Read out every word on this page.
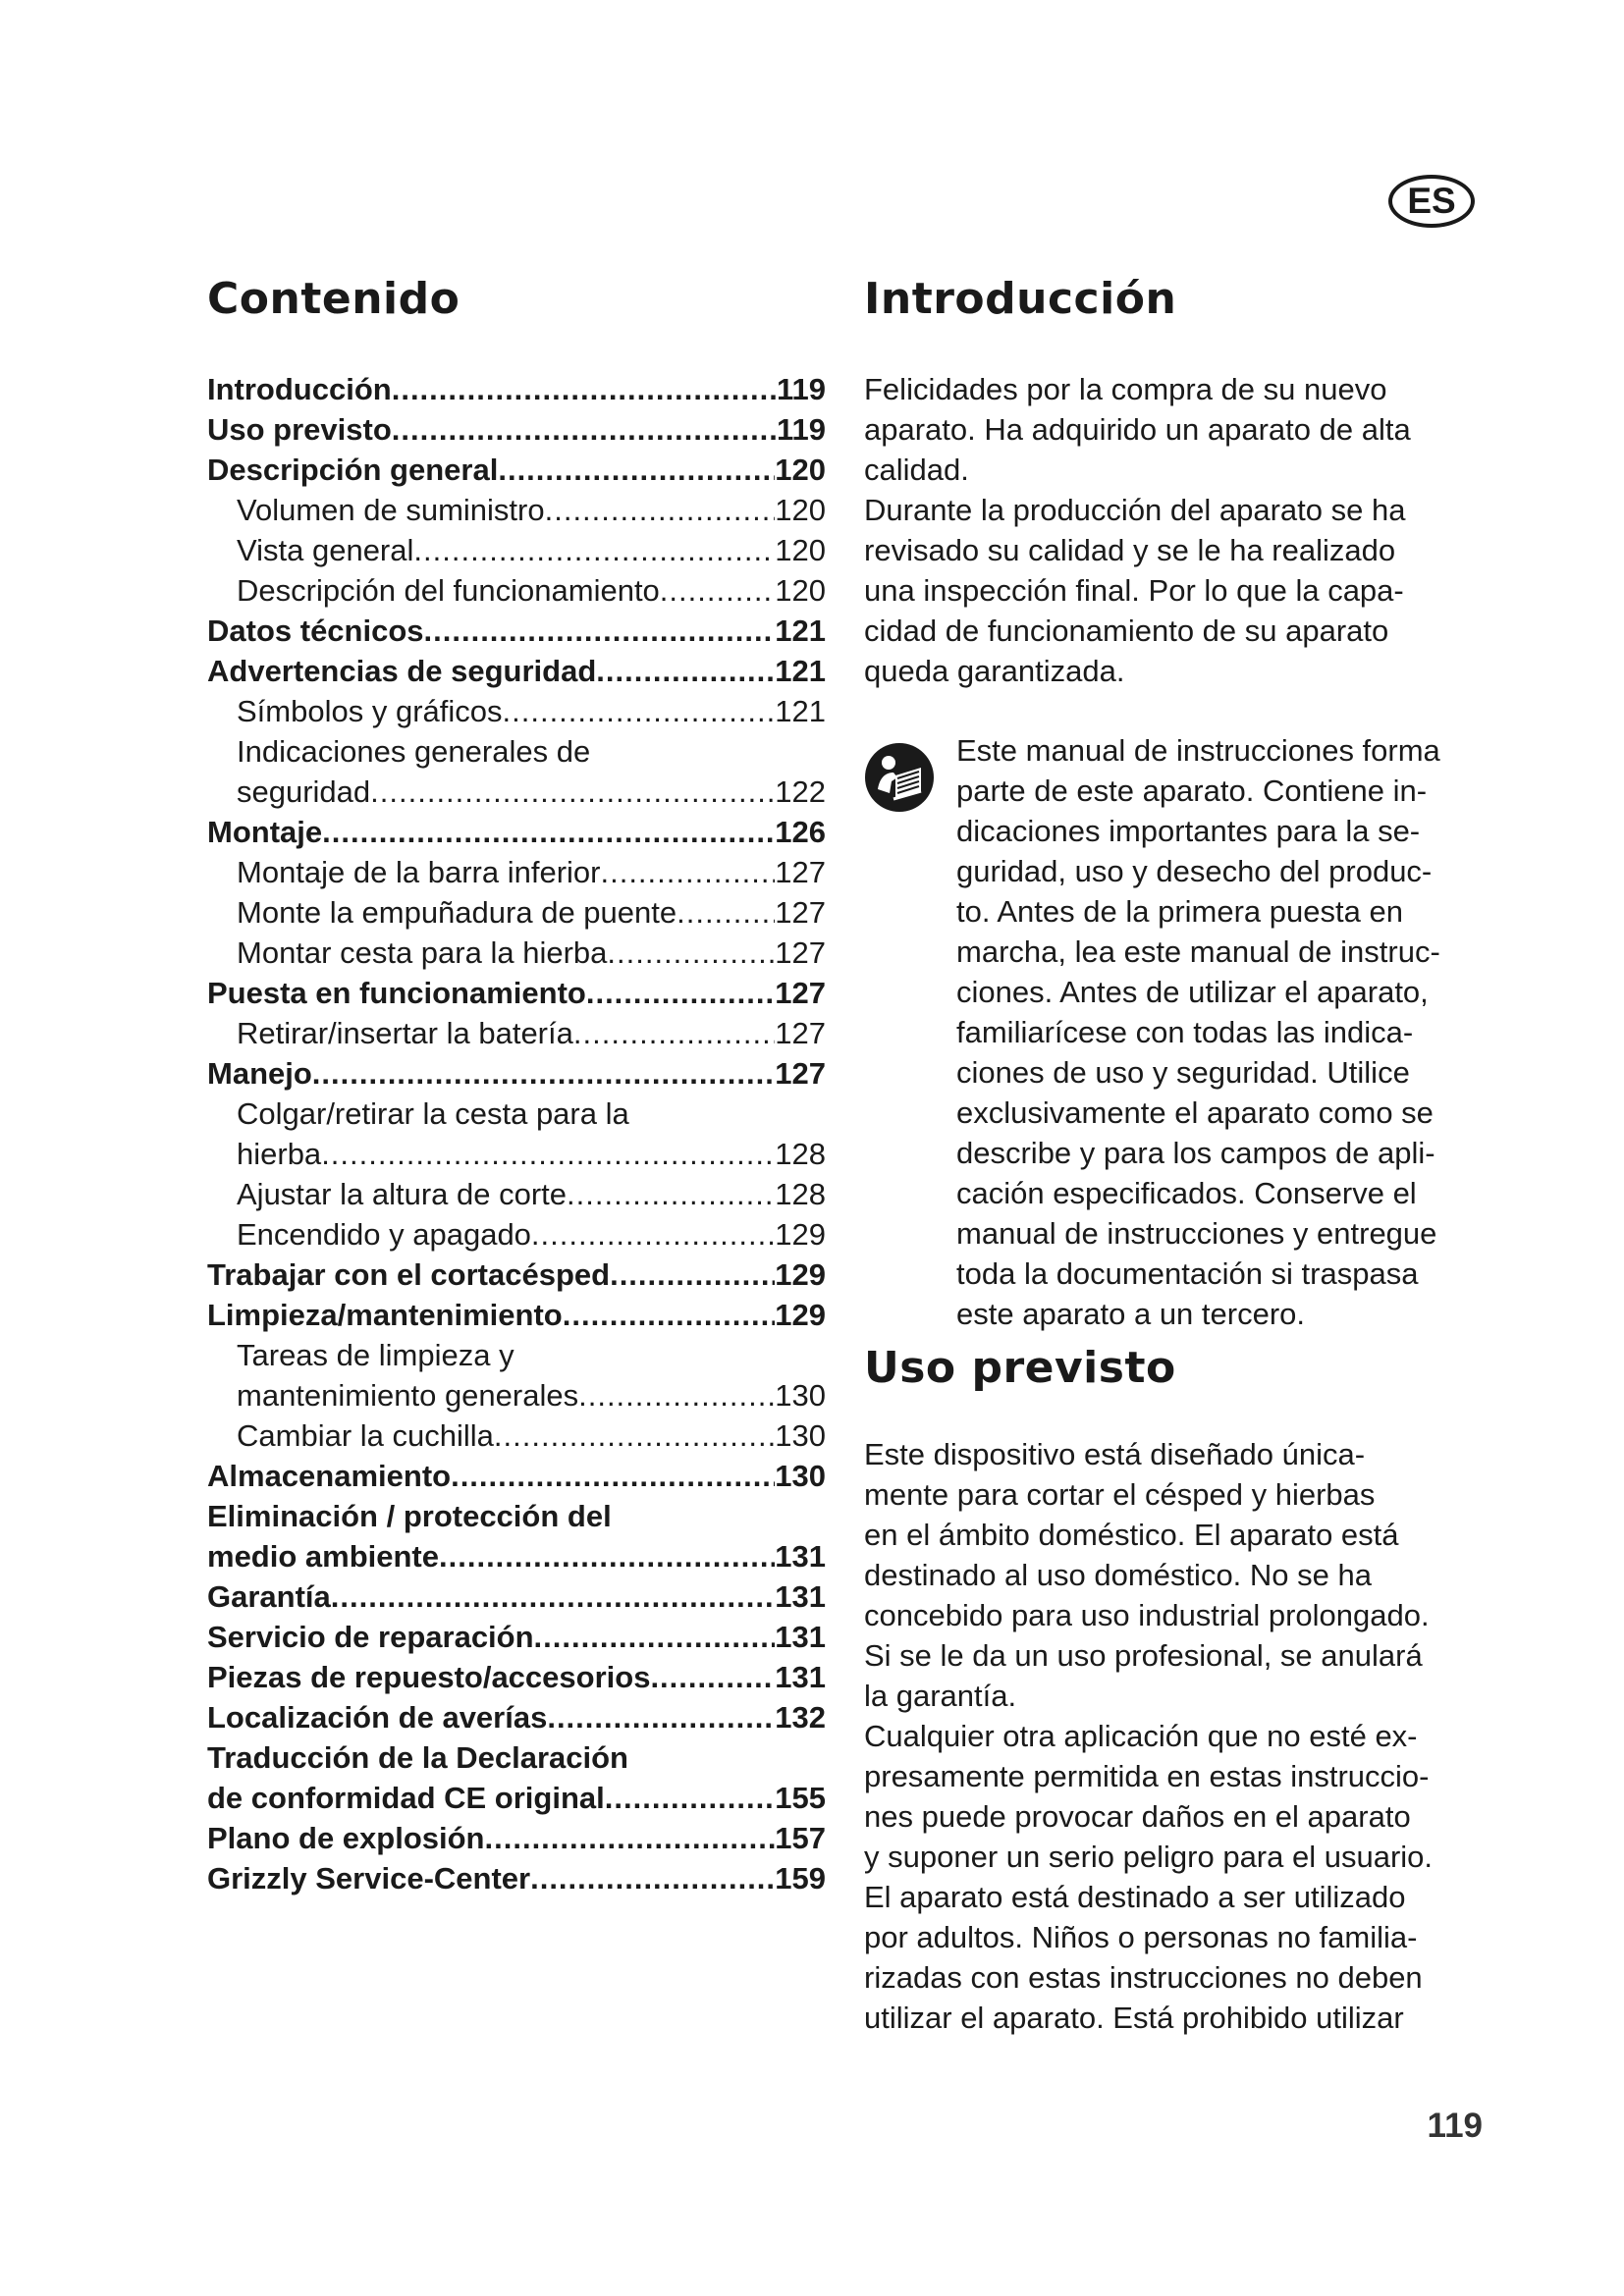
ES
Contenido
Introducción .....	119
Uso previsto .....	119
Descripción general .....	120
Volumen de suministro .....	120
Vista general .....	120
Descripción del funcionamiento .....	120
Datos técnicos .....	121
Advertencias de seguridad .....	121
Símbolos y gráficos .....	121
Indicaciones generales de
seguridad .....	122
Montaje .....	126
Montaje de la barra inferior .....	127
Monte la empuñadura de puente .....	127
Montar cesta para la hierba .....	127
Puesta en funcionamiento .....	127
Retirar/insertar la batería .....	127
Manejo .....	127
Colgar/retirar la cesta para la
hierba .....	128
Ajustar la altura de corte .....	128
Encendido y apagado .....	129
Trabajar con el cortacésped .....	129
Limpieza/mantenimiento .....	129
Tareas de limpieza y
mantenimiento generales .....	130
Cambiar la cuchilla .....	130
Almacenamiento .....	130
Eliminación / protección del
medio ambiente .....	131
Garantía .....	131
Servicio de reparación .....	131
Piezas de repuesto/accesorios .....	131
Localización de averías .....	132
Traducción de la Declaración
de conformidad CE original .....	155
Plano de explosión .....	157
Grizzly Service-Center .....	159
Introducción
Felicidades por la compra de su nuevo
aparato. Ha adquirido un aparato de alta
calidad.
Durante la producción del aparato se ha
revisado su calidad y se le ha realizado
una inspección final. Por lo que la capa-
cidad de funcionamiento de su aparato
queda garantizada.
Este manual de instrucciones forma
parte de este aparato. Contiene in-
dicaciones importantes para la se-
guridad, uso y desecho del produc-
to. Antes de la primera puesta en
marcha, lea este manual de instruc-
ciones. Antes de utilizar el aparato,
familiarícese con todas las indica-
ciones de uso y seguridad. Utilice
exclusivamente el aparato como se
describe y para los campos de apli-
cación especificados. Conserve el
manual de instrucciones y entregue
toda la documentación si traspasa
este aparato a un tercero.
Uso previsto
Este dispositivo está diseñado única-
mente para cortar el césped y hierbas
en el ámbito doméstico. El aparato está
destinado al uso doméstico. No se ha
concebido para uso industrial prolongado.
Si se le da un uso profesional, se anulará
la garantía.
Cualquier otra aplicación que no esté ex-
presamente permitida en estas instruccio-
nes puede provocar daños en el aparato
y suponer un serio peligro para el usuario.
El aparato está destinado a ser utilizado
por adultos. Niños o personas no familia-
rizadas con estas instrucciones no deben
utilizar el aparato. Está prohibido utilizar
119
